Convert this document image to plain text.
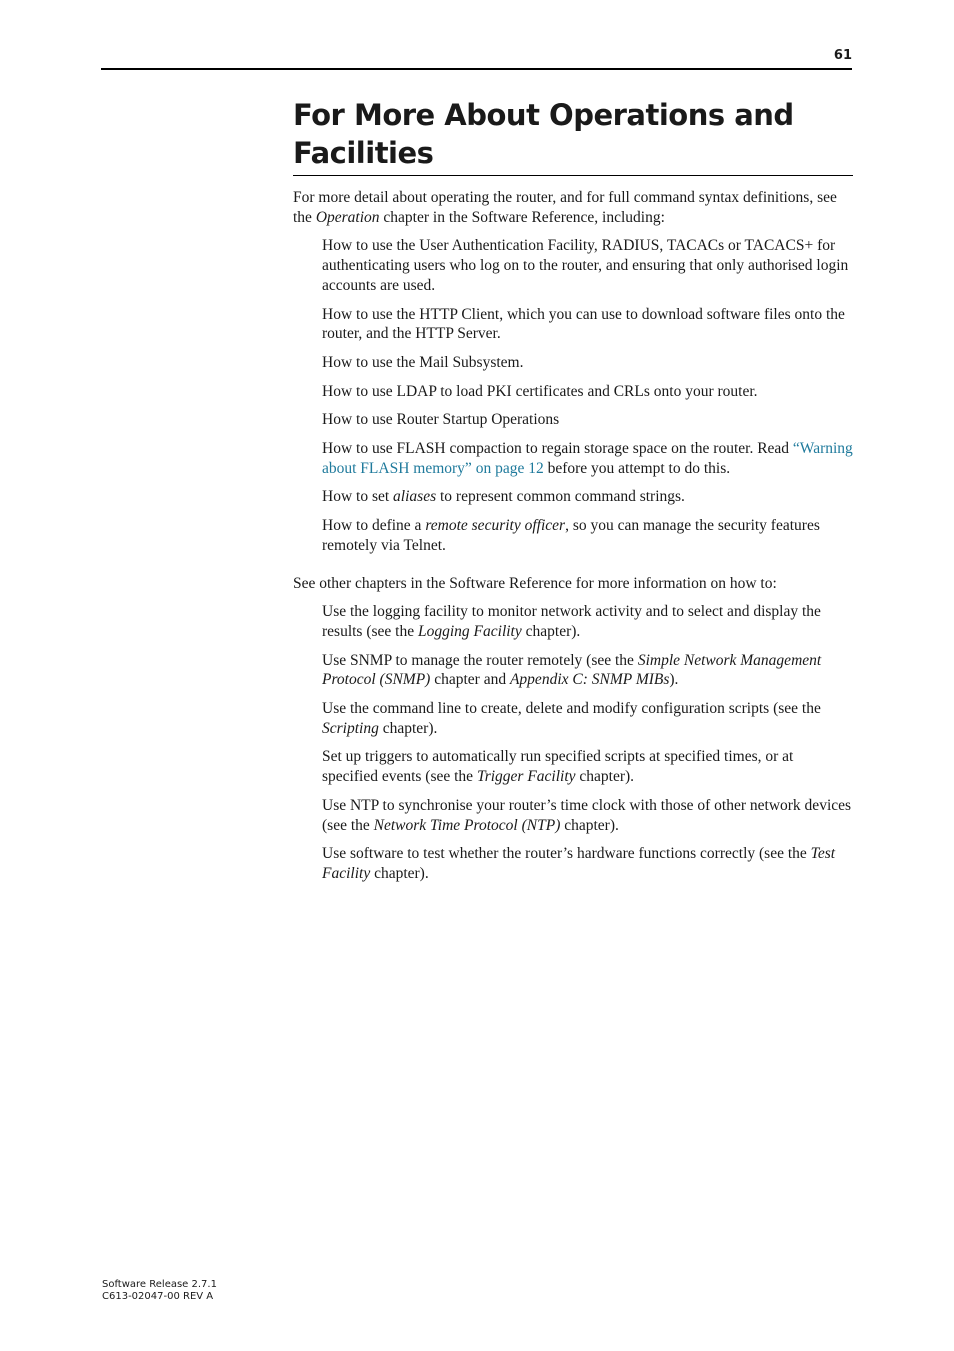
61
For More About Operations and Facilities

For more detail about operating the router, and for full command syntax definitions, see the Operation chapter in the Software Reference, including:

How to use the User Authentication Facility, RADIUS, TACACs or TACACS+ for authenticating users who log on to the router, and ensuring that only authorised login accounts are used.

How to use the HTTP Client, which you can use to download software files onto the router, and the HTTP Server.

How to use the Mail Subsystem.

How to use LDAP to load PKI certificates and CRLs onto your router.

How to use Router Startup Operations

How to use FLASH compaction to regain storage space on the router. Read “Warning about FLASH memory” on page 12 before you attempt to do this.

How to set aliases to represent common command strings.

How to define a remote security officer, so you can manage the security features remotely via Telnet.

See other chapters in the Software Reference for more information on how to:

Use the logging facility to monitor network activity and to select and display the results (see the Logging Facility chapter).

Use SNMP to manage the router remotely (see the Simple Network Management Protocol (SNMP) chapter and Appendix C: SNMP MIBs).

Use the command line to create, delete and modify configuration scripts (see the Scripting chapter).

Set up triggers to automatically run specified scripts at specified times, or at specified events (see the Trigger Facility chapter).

Use NTP to synchronise your router’s time clock with those of other network devices (see the Network Time Protocol (NTP) chapter).

Use software to test whether the router’s hardware functions correctly (see the Test Facility chapter).

Software Release 2.7.1
C613-02047-00 REV A
